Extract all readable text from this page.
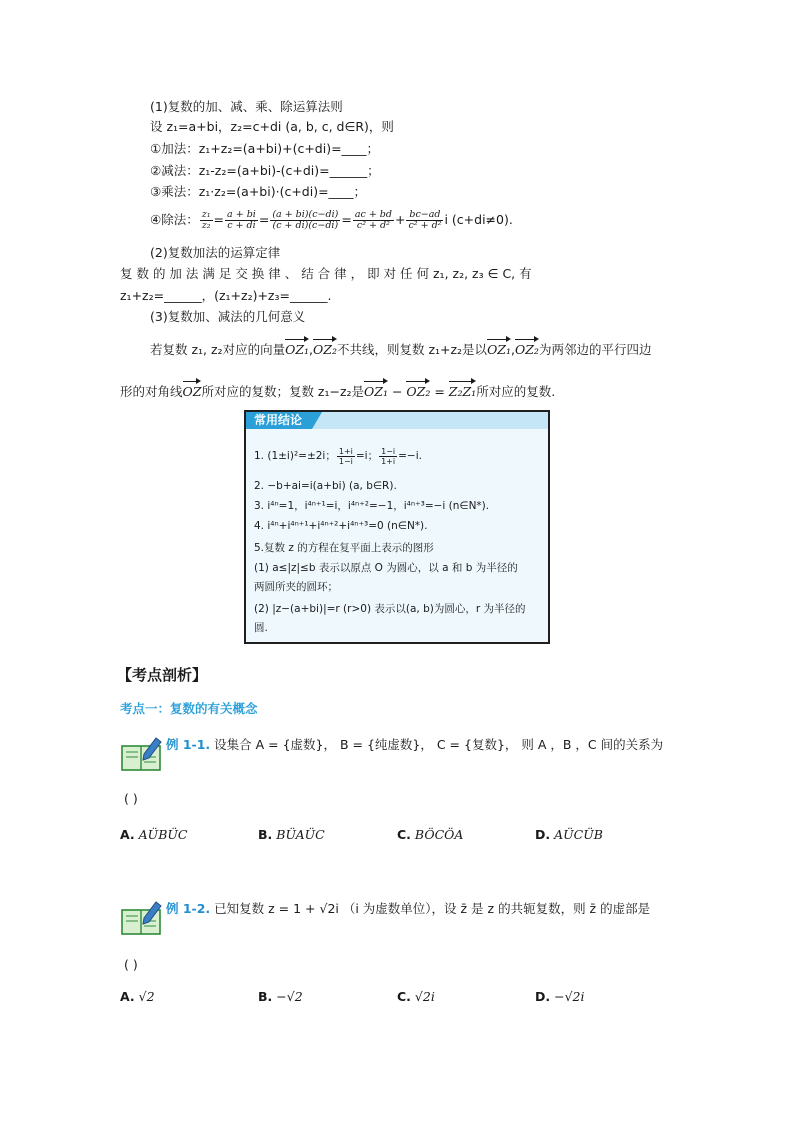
(1)复数的加、减、乘、除运算法则
设 z₁=a+bi，z₂=c+di (a, b, c, d∈R)，则
①加法：z₁+z₂=(a+bi)+(c+di)=____；
②减法：z₁-z₂=(a+bi)-(c+di)=______；
③乘法：z₁·z₂=(a+bi)·(c+di)=____；
④除法： $\frac{\text{z₁}}{\text{z₂}} = \frac{a + bi}{c + di} = \frac{(a + bi)(c-di)}{(c + di)(c-di)} = \frac{ac + bd}{\text{c² + d²}} + \frac{bc-ad}{\text{c² + d²}}$ i (c+di≠0).
(2)复数加法的运算定律
复 数 的 加 法 满 足 交 换 律 、 结 合 律 ， 即 对 任 何 z₁, z₂, z₃ ∈ C, 有
z₁+z₂=______，(z₁+z₂)+z₃=______.
(3)复数加、减法的几何意义
若复数 z₁, z₂对应的向量OZ₁,OZ₂不共线，则复数 z₁+z₂是以OZ₁,OZ₂为两邻边的平行四边
形的对角线OZ所对应的复数；复数 z₁−z₂是OZ₁ − OZ₂ = Z₂Z₁所对应的复数.
常用结论
1. (1±i)²=±2i； $\frac{1+i}{1-i} =i$； $\frac{1-i}{1+i} =-i$.
2. −b+ai=i(a+bi) (a, b∈R).
3. i⁴ⁿ=1，i⁴ⁿ⁺¹=i，i⁴ⁿ⁺²=−1，i⁴ⁿ⁺³=−i (n∈N*).
4. i⁴ⁿ+i⁴ⁿ⁺¹+i⁴ⁿ⁺²+i⁴ⁿ⁺³=0 (n∈N*).
5.复数 z 的方程在复平面上表示的图形
(1) a≤|z|≤b 表示以原点 O 为圆心，以 a 和 b 为半径的
两圆所夹的圆环；
(2) |z−(a+bi)|=r (r>0) 表示以(a, b)为圆心，r 为半径的
圆.
【考点剖析】
考点一：复数的有关概念
例 1-1. 设集合 A = {虚数}， B = {纯虚数}， C = {复数}， 则 A ，B ，C 间的关系为
( )
A. AÜBÜC	B. BÜAÜC	C. BÖCÖA	D. AÜCÜB
例 1-2. 已知复数 z = 1 + √2i （i 为虚数单位），设 z̄ 是 z 的共轭复数，则 z̄ 的虚部是
( )
A. √2	B. −√2	C. √2i	D. −√2i
